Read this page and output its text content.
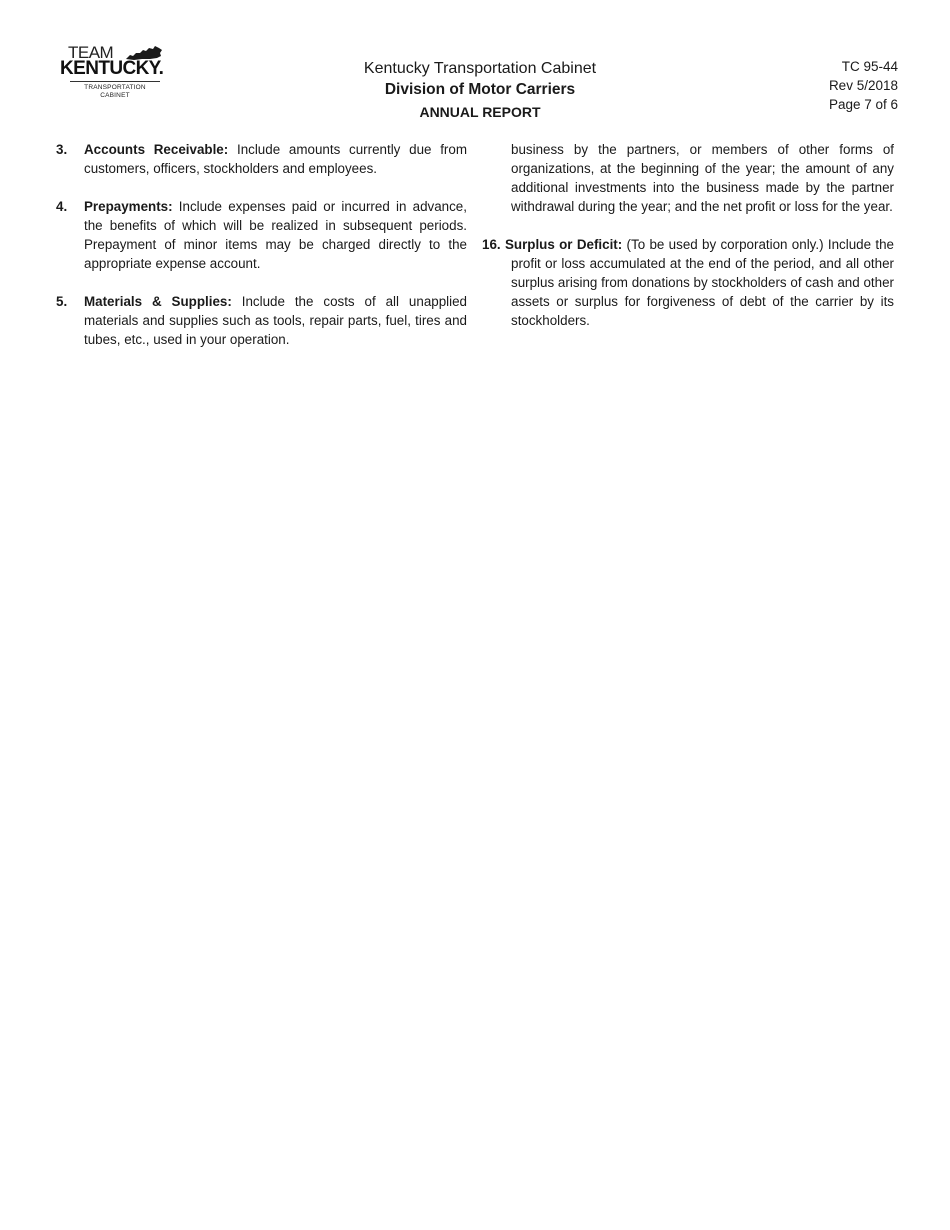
TEAM
KENTUCKY.
TRANSPORTATION
CABINET
Kentucky Transportation Cabinet
Division of Motor Carriers
ANNUAL REPORT
TC 95-44
Rev 5/2018
Page 7 of 6
3. Accounts Receivable: Include amounts currently due from customers, officers, stockholders and employees.
4. Prepayments: Include expenses paid or incurred in advance, the benefits of which will be realized in subsequent periods. Prepayment of minor items may be charged directly to the appropriate expense account.
5. Materials & Supplies: Include the costs of all unapplied materials and supplies such as tools, repair parts, fuel, tires and tubes, etc., used in your operation.
business by the partners, or members of other forms of organizations, at the beginning of the year; the amount of any additional investments into the business made by the partner withdrawal during the year; and the net profit or loss for the year.
16. Surplus or Deficit: (To be used by corporation only.) Include the profit or loss accumulated at the end of the period, and all other surplus arising from donations by stockholders of cash and other assets or surplus for forgiveness of debt of the carrier by its stockholders.
